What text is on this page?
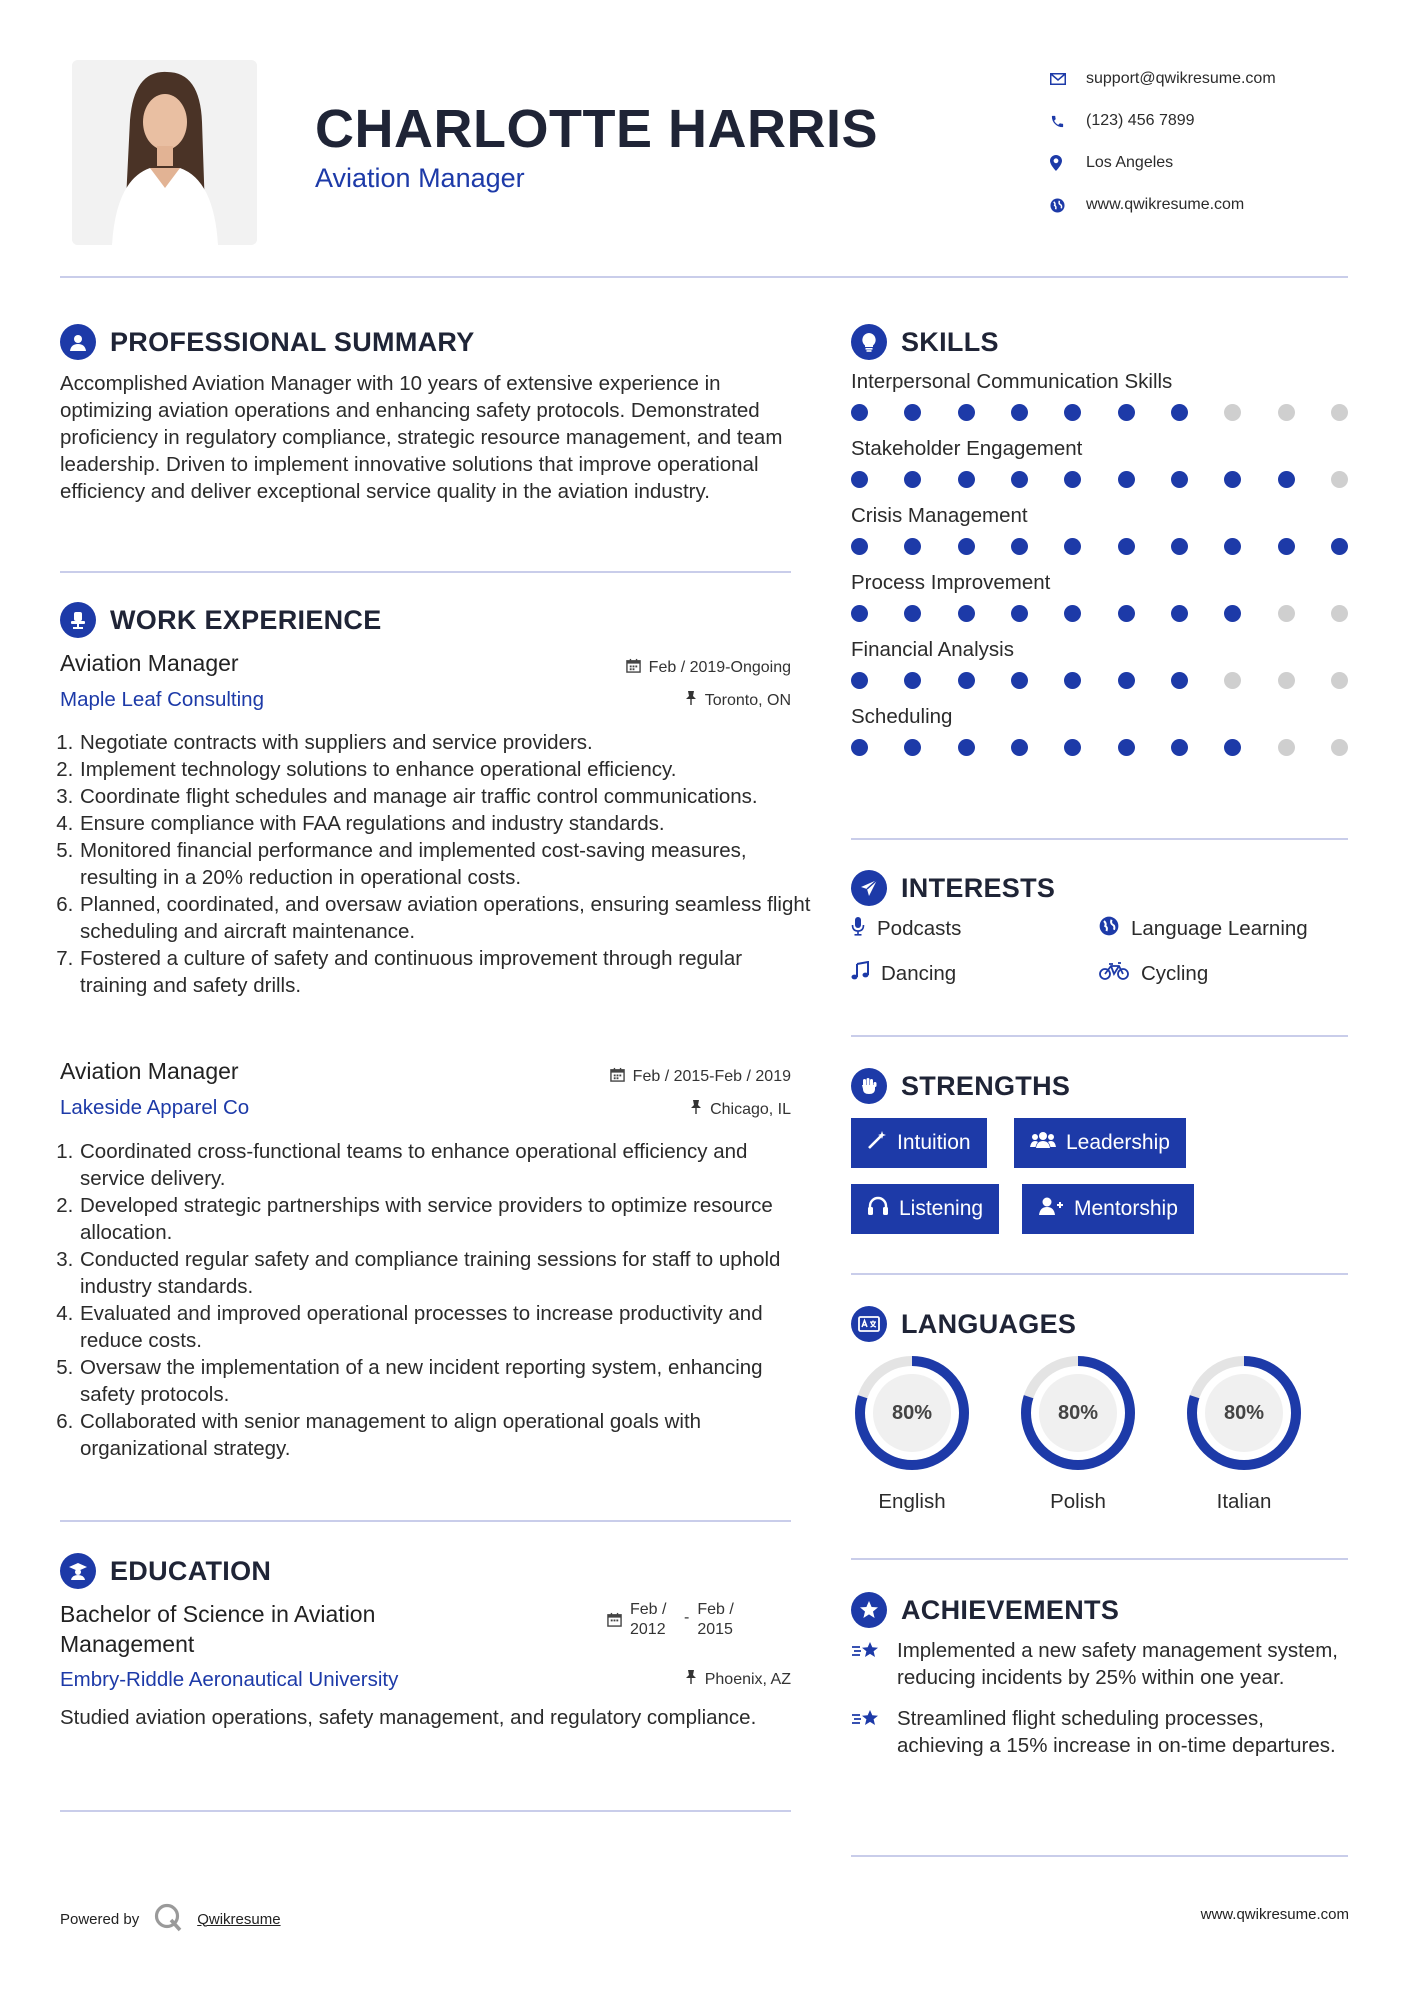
CHARLOTTE HARRIS
Aviation Manager
support@qwikresume.com
(123) 456 7899
Los Angeles
www.qwikresume.com
PROFESSIONAL SUMMARY
Accomplished Aviation Manager with 10 years of extensive experience in optimizing aviation operations and enhancing safety protocols. Demonstrated proficiency in regulatory compliance, strategic resource management, and team leadership. Driven to implement innovative solutions that improve operational efficiency and deliver exceptional service quality in the aviation industry.
WORK EXPERIENCE
Aviation Manager	Feb / 2019-Ongoing
Maple Leaf Consulting	Toronto, ON
1. Negotiate contracts with suppliers and service providers.
2. Implement technology solutions to enhance operational efficiency.
3. Coordinate flight schedules and manage air traffic control communications.
4. Ensure compliance with FAA regulations and industry standards.
5. Monitored financial performance and implemented cost-saving measures, resulting in a 20% reduction in operational costs.
6. Planned, coordinated, and oversaw aviation operations, ensuring seamless flight scheduling and aircraft maintenance.
7. Fostered a culture of safety and continuous improvement through regular training and safety drills.
Aviation Manager	Feb / 2015-Feb / 2019
Lakeside Apparel Co	Chicago, IL
1. Coordinated cross-functional teams to enhance operational efficiency and service delivery.
2. Developed strategic partnerships with service providers to optimize resource allocation.
3. Conducted regular safety and compliance training sessions for staff to uphold industry standards.
4. Evaluated and improved operational processes to increase productivity and reduce costs.
5. Oversaw the implementation of a new incident reporting system, enhancing safety protocols.
6. Collaborated with senior management to align operational goals with organizational strategy.
EDUCATION
Bachelor of Science in Aviation Management
Feb / 2012
- Feb / 2015
Embry-Riddle Aeronautical University	Phoenix, AZ
Studied aviation operations, safety management, and regulatory compliance.
SKILLS
Interpersonal Communication Skills
Stakeholder Engagement
Crisis Management
Process Improvement
Financial Analysis
Scheduling
INTERESTS
Podcasts	Language Learning
Dancing	Cycling
STRENGTHS
Intuition	Leadership
Listening	Mentorship
LANGUAGES
80%
English
80%
Polish
80%
Italian
ACHIEVEMENTS
Implemented a new safety management system, reducing incidents by 25% within one year.
Streamlined flight scheduling processes, achieving a 15% increase in on-time departures.
Powered by	Qwikresume	www.qwikresume.com
